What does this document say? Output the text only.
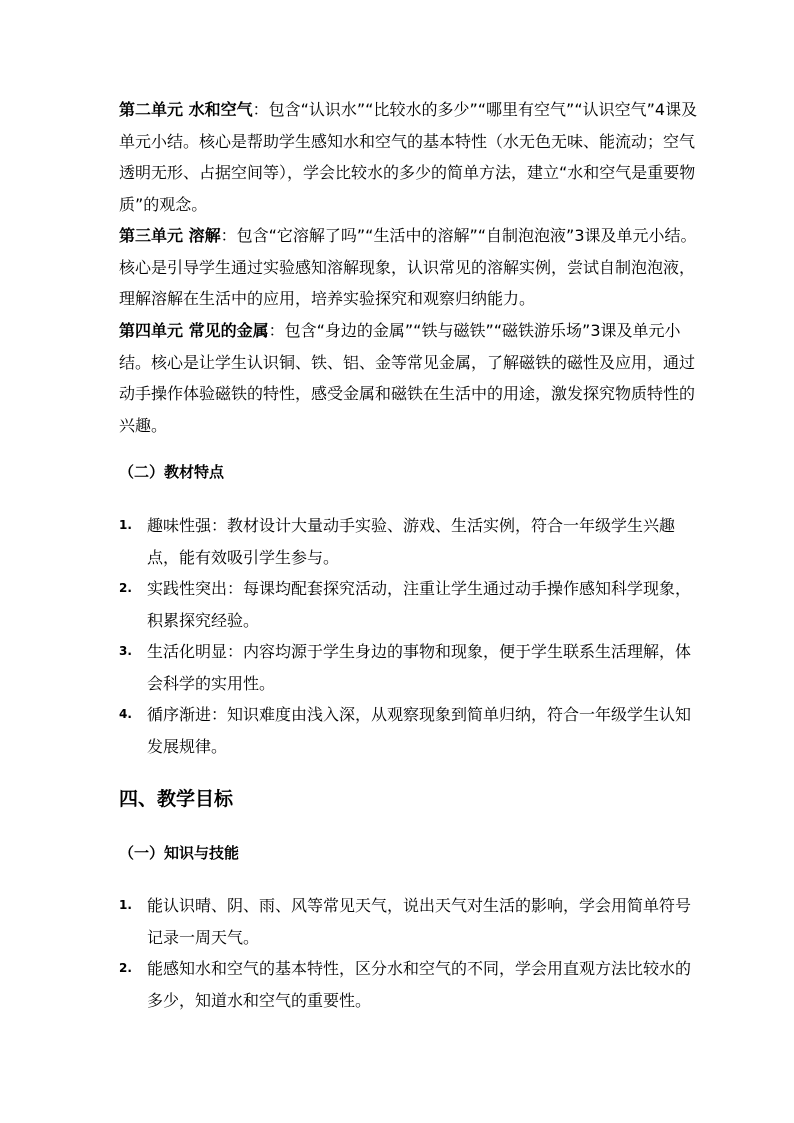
第二单元 水和空气：包含“认识水”“比较水的多少”“哪里有空气”“认识空气”4课及单元小结。核心是帮助学生感知水和空气的基本特性（水无色无味、能流动；空气透明无形、占据空间等），学会比较水的多少的简单方法，建立“水和空气是重要物质”的观念。

第三单元 溶解：包含“它溶解了吗”“生活中的溶解”“自制泡泡液”3课及单元小结。核心是引导学生通过实验感知溶解现象，认识常见的溶解实例，尝试自制泡泡液，理解溶解在生活中的应用，培养实验探究和观察归纳能力。

第四单元 常见的金属：包含“身边的金属”“铁与磁铁”“磁铁游乐场”3课及单元小结。核心是让学生认识铜、铁、铝、金等常见金属，了解磁铁的磁性及应用，通过动手操作体验磁铁的特性，感受金属和磁铁在生活中的用途，激发探究物质特性的兴趣。

（二）教材特点
1. 趣味性强：教材设计大量动手实验、游戏、生活实例，符合一年级学生兴趣点，能有效吸引学生参与。
2. 实践性突出：每课均配套探究活动，注重让学生通过动手操作感知科学现象，积累探究经验。
3. 生活化明显：内容均源于学生身边的事物和现象，便于学生联系生活理解，体会科学的实用性。
4. 循序渐进：知识难度由浅入深，从观察现象到简单归纳，符合一年级学生认知发展规律。
四、教学目标
（一）知识与技能
1. 能认识晴、阴、雨、风等常见天气，说出天气对生活的影响，学会用简单符号记录一周天气。
2. 能感知水和空气的基本特性，区分水和空气的不同，学会用直观方法比较水的多少，知道水和空气的重要性。
